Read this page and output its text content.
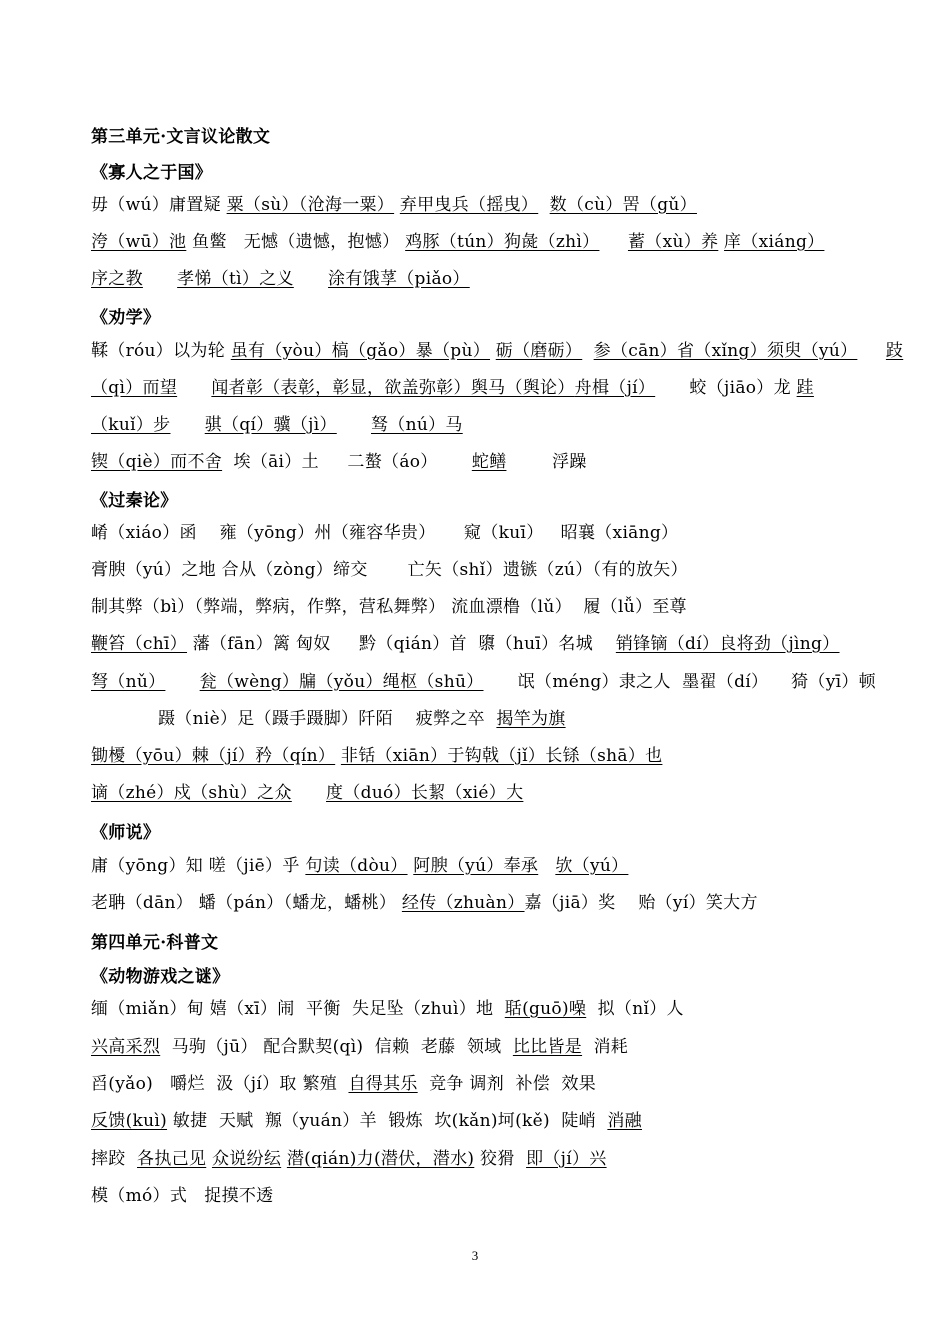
第三单元·文言议论散文
《寡人之于国》
毋（wú）庸置疑 粟（sù）（沧海一粟） 弃甲曳兵（摇曳） 数（cù）罟（gǔ）
洿（wū）池 鱼鳖   无憾（遗憾，抱憾） 鸡豚（tún）狗彘（zhì） 蓄（xù）养 庠（xiáng）
序之教 孝悌（tì）之义 涂有饿莩（piǎo）
《劝学》
鞣（róu）以为轮 虽有（yòu）槁（gǎo）暴（pù） 砺（磨砺） 参（cān）省（xǐng）须臾（yú） 跂
（qì）而望 闻者彰（表彰，彰显，欲盖弥彰）舆马（舆论）舟楫（jí） 蛟（jiāo）龙 跬
（kuǐ）步 骐（qí）骥（jì） 驽（nú）马
锲（qiè）而不舍 埃（āi）土 二螯（áo） 蛇鳝	浮躁
《过秦论》
崤（xiáo）函 雍（yōng）州（雍容华贵） 窥（kuī） 昭襄（xiāng）
膏腴（yú）之地 合从（zòng）缔交 亡矢（shǐ）遗镞（zú）（有的放矢）
制其弊（bì）（弊端，弊病，作弊，营私舞弊） 流血漂橹（lǔ） 履（lǚ）至尊
鞭笞（chī） 藩（fān）篱 匈奴 黔（qián）首 隳（huī）名城 销锋镝（dí）良将劲（jìng）
弩（nǔ） 瓮（wèng）牖（yǒu）绳枢（shū） 氓（méng）隶之人 墨翟（dí） 猗（yī）顿
蹑（niè）足（蹑手蹑脚）阡陌 疲弊之卒 揭竿为旗
锄櫌（yōu）棘（jí）矜（qín） 非铦（xiān）于钩戟（jǐ）长铩（shā）也
谪（zhé）戍（shù）之众 度（duó）长絜（xié）大
《师说》
庸（yōng）知 嗟（jiē）乎 句读（dòu） 阿腴（yú）奉承 欤（yú）
老聃（dān） 蟠（pán）（蟠龙，蟠桃） 经传（zhuàn）嘉（jiā）奖 贻（yí）笑大方
第四单元·科普文
《动物游戏之谜》
缅（miǎn）甸 嬉（xī）闹 平衡 失足坠（zhuì）地 聒(guō)噪 拟（nǐ）人
兴高采烈 马驹（jū） 配合默契(qì) 信赖 老藤 领域 比比皆是 消耗
舀(yǎo) 嚼烂 汲（jí）取 繁殖 自得其乐 竞争 调剂 补偿 效果
反馈(kuì) 敏捷 天赋 羱（yuán）羊 锻炼 坎(kǎn)坷(kě) 陡峭 消融
摔跤 各执己见 众说纷纭 潜(qián)力(潜伏，潜水) 狡猾 即（jí）兴
模（mó）式 捉摸不透
3
